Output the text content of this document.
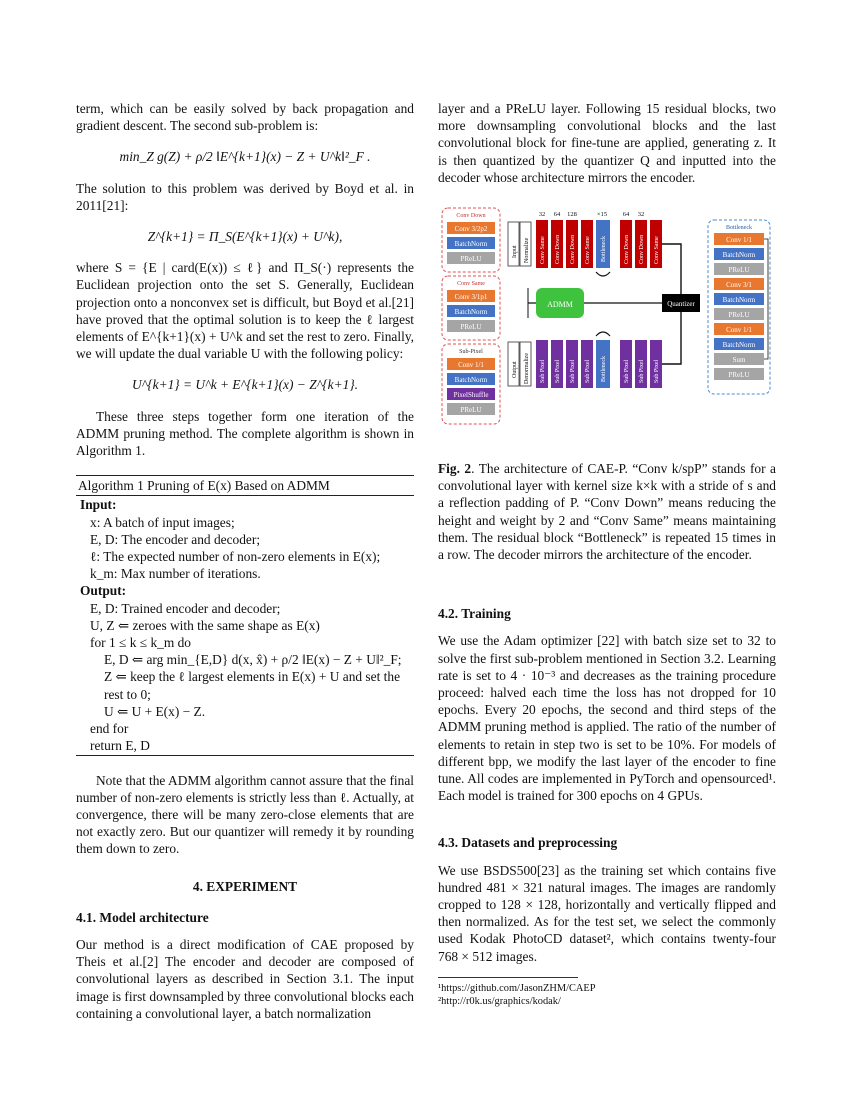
term, which can be easily solved by back propagation and gradient descent. The second sub-problem is:

min_Z g(Z) + ρ/2 ‖E^{k+1}(x) − Z + U^k‖²_F .

The solution to this problem was derived by Boyd et al. in 2011[21]:

Z^{k+1} = Π_S(E^{k+1}(x) + U^k),

where S = {E | card(E(x)) ≤ ℓ} and Π_S(·) represents the Euclidean projection onto the set S. Generally, Euclidean projection onto a nonconvex set is difficult, but Boyd et al.[21] have proved that the optimal solution is to keep the ℓ largest elements of E^{k+1}(x) + U^k and set the rest to zero. Finally, we will update the dual variable U with the following policy:

U^{k+1} = U^k + E^{k+1}(x) − Z^{k+1}.

These three steps together form one iteration of the ADMM pruning method. The complete algorithm is shown in Algorithm 1.

Algorithm 1 Pruning of E(x) Based on ADMM
Input:
x: A batch of input images;
E, D: The encoder and decoder;
ℓ: The expected number of non-zero elements in E(x);
k_m: Max number of iterations.
Output:
E, D: Trained encoder and decoder;
U, Z ⇐ zeroes with the same shape as E(x)
for 1 ≤ k ≤ k_m do
E, D ⇐ arg min_{E,D} d(x, x̂) + ρ/2 ‖E(x) − Z + U‖²_F;
Z ⇐ keep the ℓ largest elements in E(x) + U and set the rest to 0;
U ⇐ U + E(x) − Z.
end for
return E, D

Note that the ADMM algorithm cannot assure that the final number of non-zero elements is strictly less than ℓ. Actually, at convergence, there will be many zero-close elements that are not exactly zero. But our quantizer will remedy it by rounding them down to zero.

4. EXPERIMENT
4.1. Model architecture

Our method is a direct modification of CAE proposed by Theis et al.[2] The encoder and decoder are composed of convolutional layers as described in Section 3.1. The input image is first downsampled by three convolutional blocks each containing a convolutional layer, a batch normalization

layer and a PReLU layer. Following 15 residual blocks, two more downsampling convolutional blocks and the last convolutional block for fine-tune are applied, generating z. It is then quantized by the quantizer Q and inputted into the decoder whose architecture mirrors the encoder.

Conv Down
Conv 3/2p2
BatchNorm
PReLU
Conv Same
Conv 3/1p1
BatchNorm
PReLU
Sub-Pixel
Conv 1/1
BatchNorm
PixelShuffle
PReLU
32 64 128	×15 64 32
Input Normalize Conv Same Conv Down Conv Down Conv Same Bottleneck	Conv Down Conv Down Conv Same
Output Denormalize Sub Pixel Sub Pixel Sub Pixel Sub Pixel Bottleneck	Sub Pixel Sub Pixel Sub Pixel
ADMM	Quantizer
Bottleneck
Conv 1/1
BatchNorm
PReLU
Conv 3/1
BatchNorm
PReLU
Conv 1/1
BatchNorm
Sum
PReLU

Fig. 2. The architecture of CAE-P. “Conv k/spP” stands for a convolutional layer with kernel size k×k with a stride of s and a reflection padding of P. “Conv Down” means reducing the height and weight by 2 and “Conv Same” means maintaining them. The residual block “Bottleneck” is repeated 15 times in a row. The decoder mirrors the architecture of the encoder.

4.2. Training

We use the Adam optimizer [22] with batch size set to 32 to solve the first sub-problem mentioned in Section 3.2. Learning rate is set to 4 · 10⁻³ and decreases as the training procedure proceed: halved each time the loss has not dropped for 10 epochs. Every 20 epochs, the second and third steps of the ADMM pruning method is applied. The ratio of the number of elements to retain in step two is set to be 10%. For models of different bpp, we modify the last layer of the encoder to fine tune. All codes are implemented in PyTorch and opensourced¹. Each model is trained for 300 epochs on 4 GPUs.

4.3. Datasets and preprocessing

We use BSDS500[23] as the training set which contains five hundred 481 × 321 natural images. The images are randomly cropped to 128 × 128, horizontally and vertically flipped and then normalized. As for the test set, we select the commonly used Kodak PhotoCD dataset², which contains twenty-four 768 × 512 images.

¹https://github.com/JasonZHM/CAEP
²http://r0k.us/graphics/kodak/
